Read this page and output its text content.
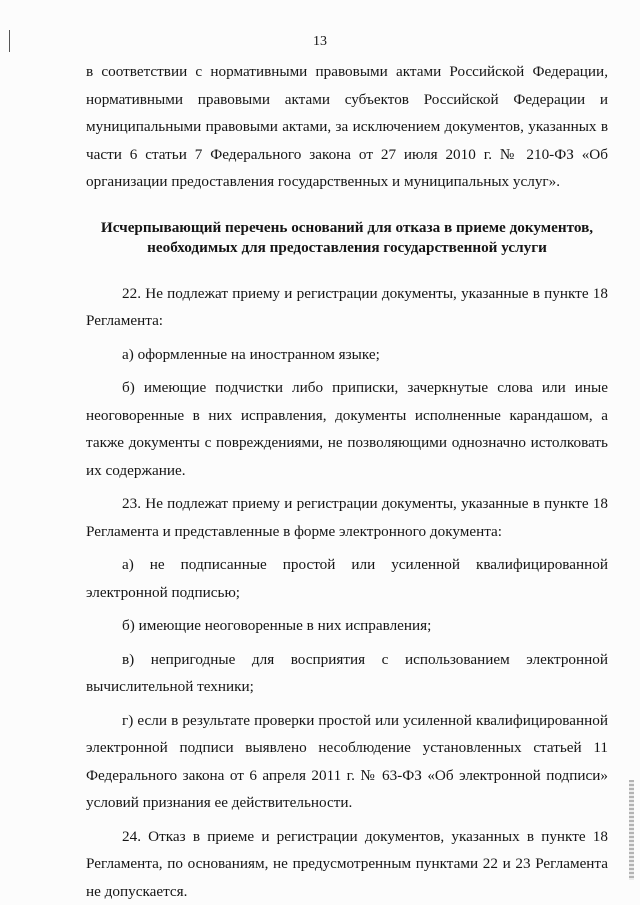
13

в соответствии с нормативными правовыми актами Российской Федерации, нормативными правовыми актами субъектов Российской Федерации и муниципальными правовыми актами, за исключением документов, указанных в части 6 статьи 7 Федерального закона от 27 июля 2010 г. № 210-ФЗ «Об организации предоставления государственных и муниципальных услуг».

Исчерпывающий перечень оснований для отказа в приеме документов,
необходимых для предоставления государственной услуги

22. Не подлежат приему и регистрации документы, указанные в пункте 18 Регламента:

а) оформленные на иностранном языке;

б) имеющие подчистки либо приписки, зачеркнутые слова или иные неоговоренные в них исправления, документы исполненные карандашом, а также документы с повреждениями, не позволяющими однозначно истолковать их содержание.

23. Не подлежат приему и регистрации документы, указанные в пункте 18 Регламента и представленные в форме электронного документа:

а) не подписанные простой или усиленной квалифицированной электронной подписью;

б) имеющие неоговоренные в них исправления;

в) непригодные для восприятия с использованием электронной вычислительной техники;

г) если в результате проверки простой или усиленной квалифицированной электронной подписи выявлено несоблюдение установленных статьей 11 Федерального закона от 6 апреля 2011 г. № 63-ФЗ «Об электронной подписи» условий признания ее действительности.

24. Отказ в приеме и регистрации документов, указанных в пункте 18 Регламента, по основаниям, не предусмотренным пунктами 22 и 23 Регламента не допускается.
